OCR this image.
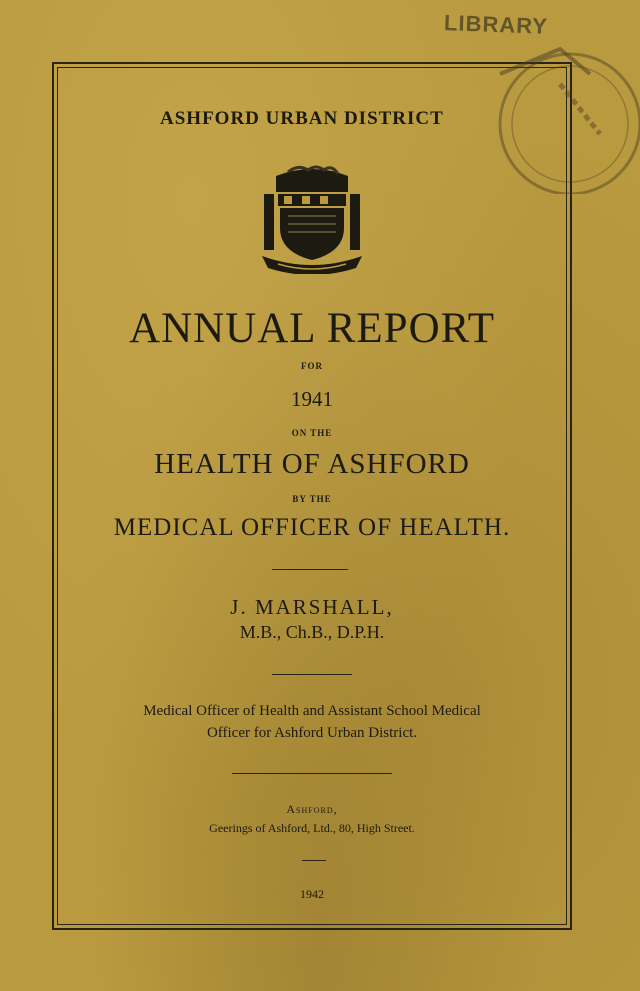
LIBRARY
ASHFORD URBAN DISTRICT
ANNUAL REPORT
FOR
1941
ON THE
HEALTH OF ASHFORD
BY THE
MEDICAL OFFICER OF HEALTH.
J. MARSHALL,
M.B., Ch.B., D.P.H.
Medical Officer of Health and Assistant School Medical
Officer for Ashford Urban District.
Ashford,
Geerings of Ashford, Ltd., 80, High Street.
1942
